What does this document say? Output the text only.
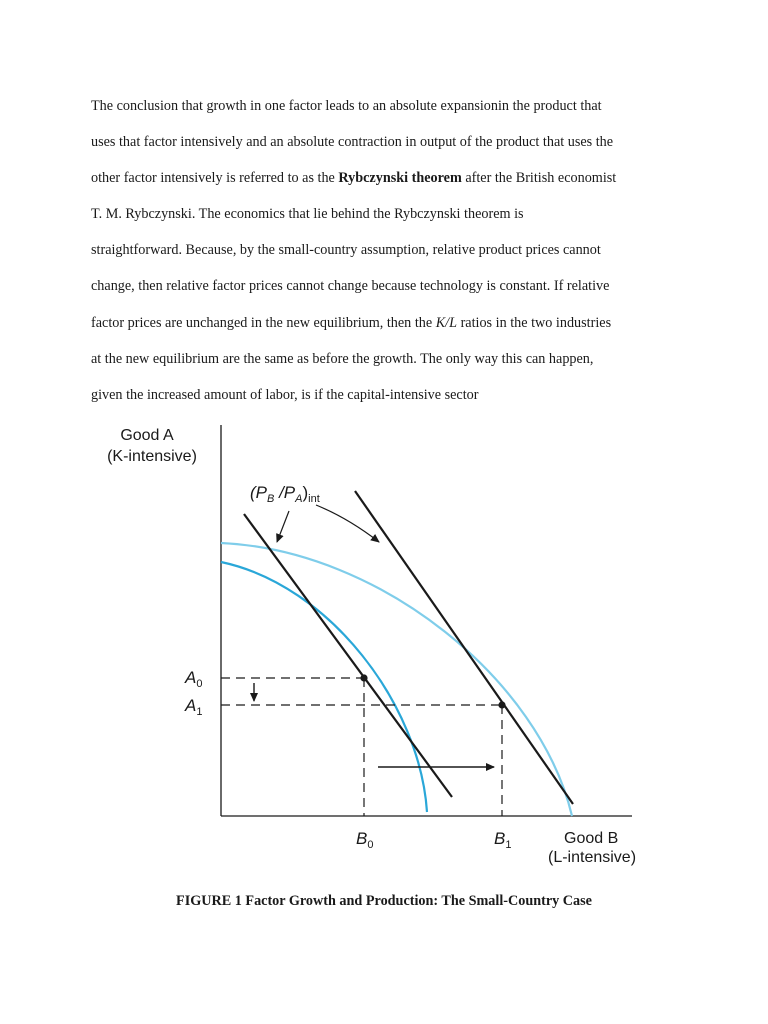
The conclusion that growth in one factor leads to an absolute expansionin the product that
uses that factor intensively and an absolute contraction in output of the product that uses the
other factor intensively is referred to as the Rybczynski theorem after the British economist
T. M. Rybczynski. The economics that lie behind the Rybczynski theorem is
straightforward. Because, by the small-country assumption, relative product prices cannot
change, then relative factor prices cannot change because technology is constant. If relative
factor prices are unchanged in the new equilibrium, then the K/L ratios in the two industries
at the new equilibrium are the same as before the growth. The only way this can happen,
given the increased amount of labor, is if the capital-intensive sector
Good A
(K-intensive)
($P_B$ $/P_A)_{int}$
$A_0$
$A_1$
$B_0$	$B_1$	Good B
(L-intensive)
FIGURE 1 Factor Growth and Production: The Small-Country Case
